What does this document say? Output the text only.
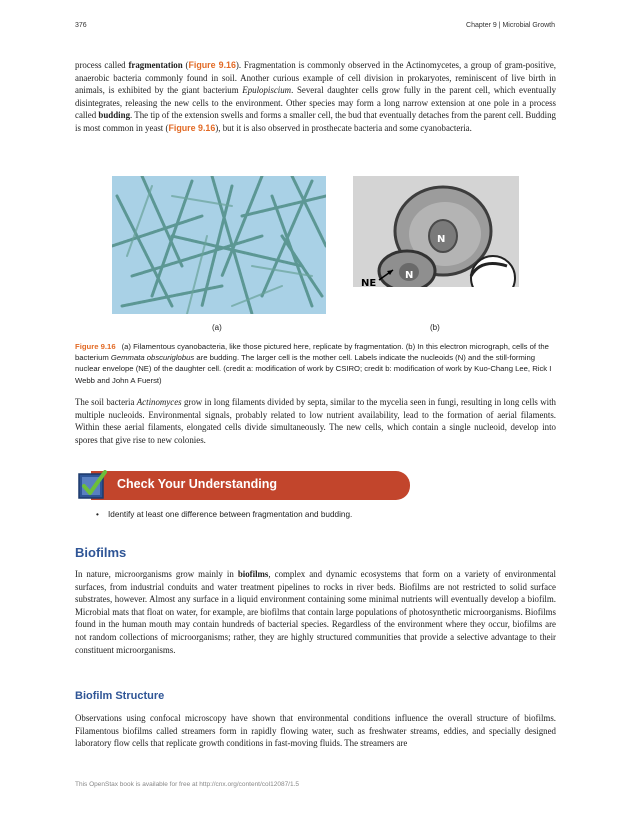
376	Chapter 9 | Microbial Growth

process called fragmentation (Figure 9.16). Fragmentation is commonly observed in the Actinomycetes, a group of gram-positive, anaerobic bacteria commonly found in soil. Another curious example of cell division in prokaryotes, reminiscent of live birth in animals, is exhibited by the giant bacterium Epulopiscium. Several daughter cells grow fully in the parent cell, which eventually disintegrates, releasing the new cells to the environment. Other species may form a long narrow extension at one pole in a process called budding. The tip of the extension swells and forms a smaller cell, the bud that eventually detaches from the parent cell. Budding is most common in yeast (Figure 9.16), but it is also observed in prosthecate bacteria and some cyanobacteria.

N
N
NE
(a)	(b)

Figure 9.16 (a) Filamentous cyanobacteria, like those pictured here, replicate by fragmentation. (b) In this electron micrograph, cells of the bacterium Gemmata obscuriglobus are budding. The larger cell is the mother cell. Labels indicate the nucleoids (N) and the still-forming nuclear envelope (NE) of the daughter cell. (credit a: modification of work by CSIRO; credit b: modification of work by Kuo-Chang Lee, Rick I Webb and John A Fuerst)

The soil bacteria Actinomyces grow in long filaments divided by septa, similar to the mycelia seen in fungi, resulting in long cells with multiple nucleoids. Environmental signals, probably related to low nutrient availability, lead to the formation of aerial filaments. Within these aerial filaments, elongated cells divide simultaneously. The new cells, which contain a single nucleoid, develop into spores that give rise to new colonies.

Check Your Understanding
• Identify at least one difference between fragmentation and budding.
Biofilms

In nature, microorganisms grow mainly in biofilms, complex and dynamic ecosystems that form on a variety of environmental surfaces, from industrial conduits and water treatment pipelines to rocks in river beds. Biofilms are not restricted to solid surface substrates, however. Almost any surface in a liquid environment containing some minimal nutrients will eventually develop a biofilm. Microbial mats that float on water, for example, are biofilms that contain large populations of photosynthetic microorganisms. Biofilms found in the human mouth may contain hundreds of bacterial species. Regardless of the environment where they occur, biofilms are not random collections of microorganisms; rather, they are highly structured communities that provide a selective advantage to their constituent microorganisms.

Biofilm Structure

Observations using confocal microscopy have shown that environmental conditions influence the overall structure of biofilms. Filamentous biofilms called streamers form in rapidly flowing water, such as freshwater streams, eddies, and specially designed laboratory flow cells that replicate growth conditions in fast-moving fluids. The streamers are

This OpenStax book is available for free at http://cnx.org/content/col12087/1.5
